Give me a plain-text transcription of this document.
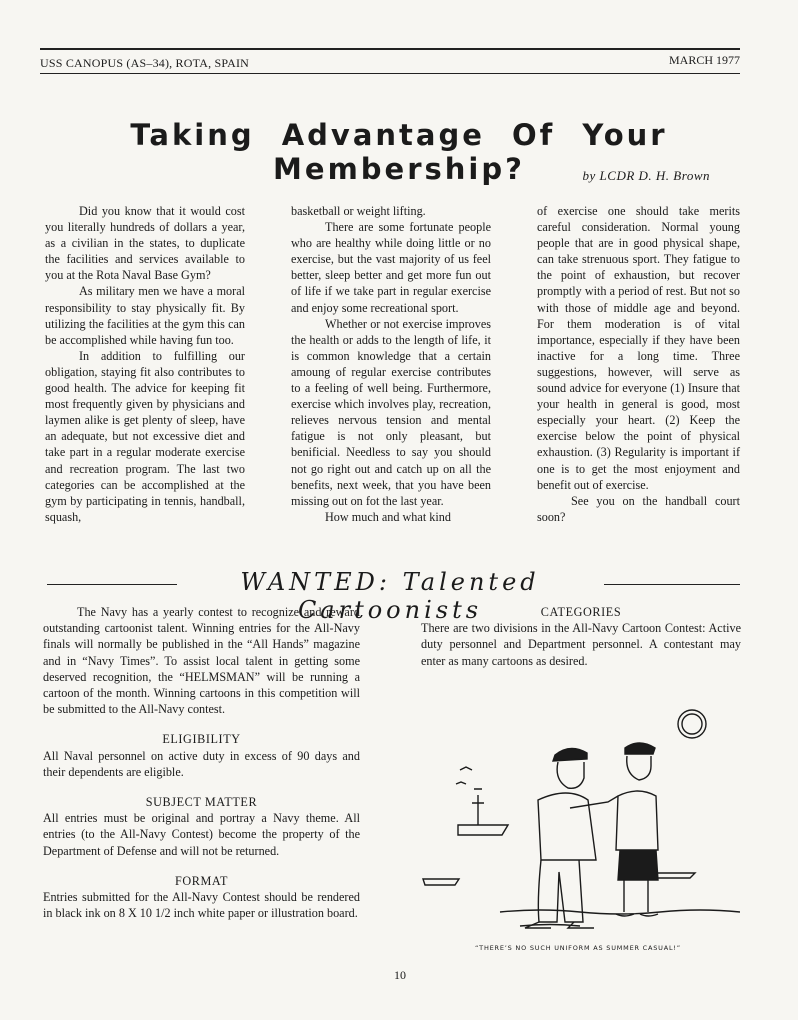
USS CANOPUS (AS–34), ROTA, SPAIN	MARCH 1977
Taking Advantage Of Your Membership?	by LCDR D. H. Brown

Did you know that it would cost you literally hundreds of dollars a year, as a civilian in the states, to duplicate the facilities and services available to you at the Rota Naval Base Gym?

As military men we have a moral responsibility to stay physically fit. By utilizing the facilities at the gym this can be accomplished while having fun too.

In addition to fulfilling our obligation, staying fit also contributes to good health. The advice for keeping fit most frequently given by physicians and laymen alike is get plenty of sleep, have an adequate, but not excessive diet and take part in a regular moderate exercise and recreation program. The last two categories can be accomplished at the gym by participating in tennis, handball, squash,

basketball or weight lifting.

There are some fortunate people who are healthy while doing little or no exercise, but the vast majority of us feel better, sleep better and get more fun out of life if we take part in regular exercise and enjoy some recreational sport.

Whether or not exercise improves the health or adds to the length of life, it is common knowledge that a certain amoung of regular exercise contributes to a feeling of well being. Furthermore, exercise which involves play, recreation, relieves nervous tension and mental fatigue is not only pleasant, but benificial. Needless to say you should not go right out and catch up on all the benefits, next week, that you have been missing out on fot the last year.

How much and what kind

of exercise one should take merits careful consideration. Normal young people that are in good physical shape, can take strenuous sport. They fatigue to the point of exhaustion, but recover promptly with a period of rest. But not so with those of middle age and beyond. For them moderation is of vital importance, especially if they have been inactive for a long time. Three suggestions, however, will serve as sound advice for everyone (1) Insure that your health in general is good, most especially your heart. (2) Keep the exercise below the point of physical exhaustion. (3) Regularity is important if one is to get the most enjoyment and benefit out of exercise.

See you on the handball court soon?

WANTED: Talented Cartoonists

The Navy has a yearly contest to recognize and reward outstanding cartoonist talent. Winning entries for the All-Navy finals will normally be published in the “All Hands” magazine and in “Navy Times”. To assist local talent in getting some deserved recognition, the “HELMSMAN” will be running a cartoon of the month. Winning cartoons in this competition will be submitted to the All-Navy contest.

ELIGIBILITY

All Naval personnel on active duty in excess of 90 days and their dependents are eligible.

SUBJECT MATTER

All entries must be original and portray a Navy theme. All entries (to the All-Navy Contest) become the property of the Department of Defense and will not be returned.

FORMAT

Entries submitted for the All-Navy Contest should be rendered in black ink on 8 X 10 1/2 inch white paper or illustration board.

CATEGORIES

There are two divisions in the All-Navy Cartoon Contest: Active duty personnel and Department personnel. A contestant may enter as many cartoons as desired.

“THERE’S NO SUCH UNIFORM AS SUMMER CASUAL!”
10
